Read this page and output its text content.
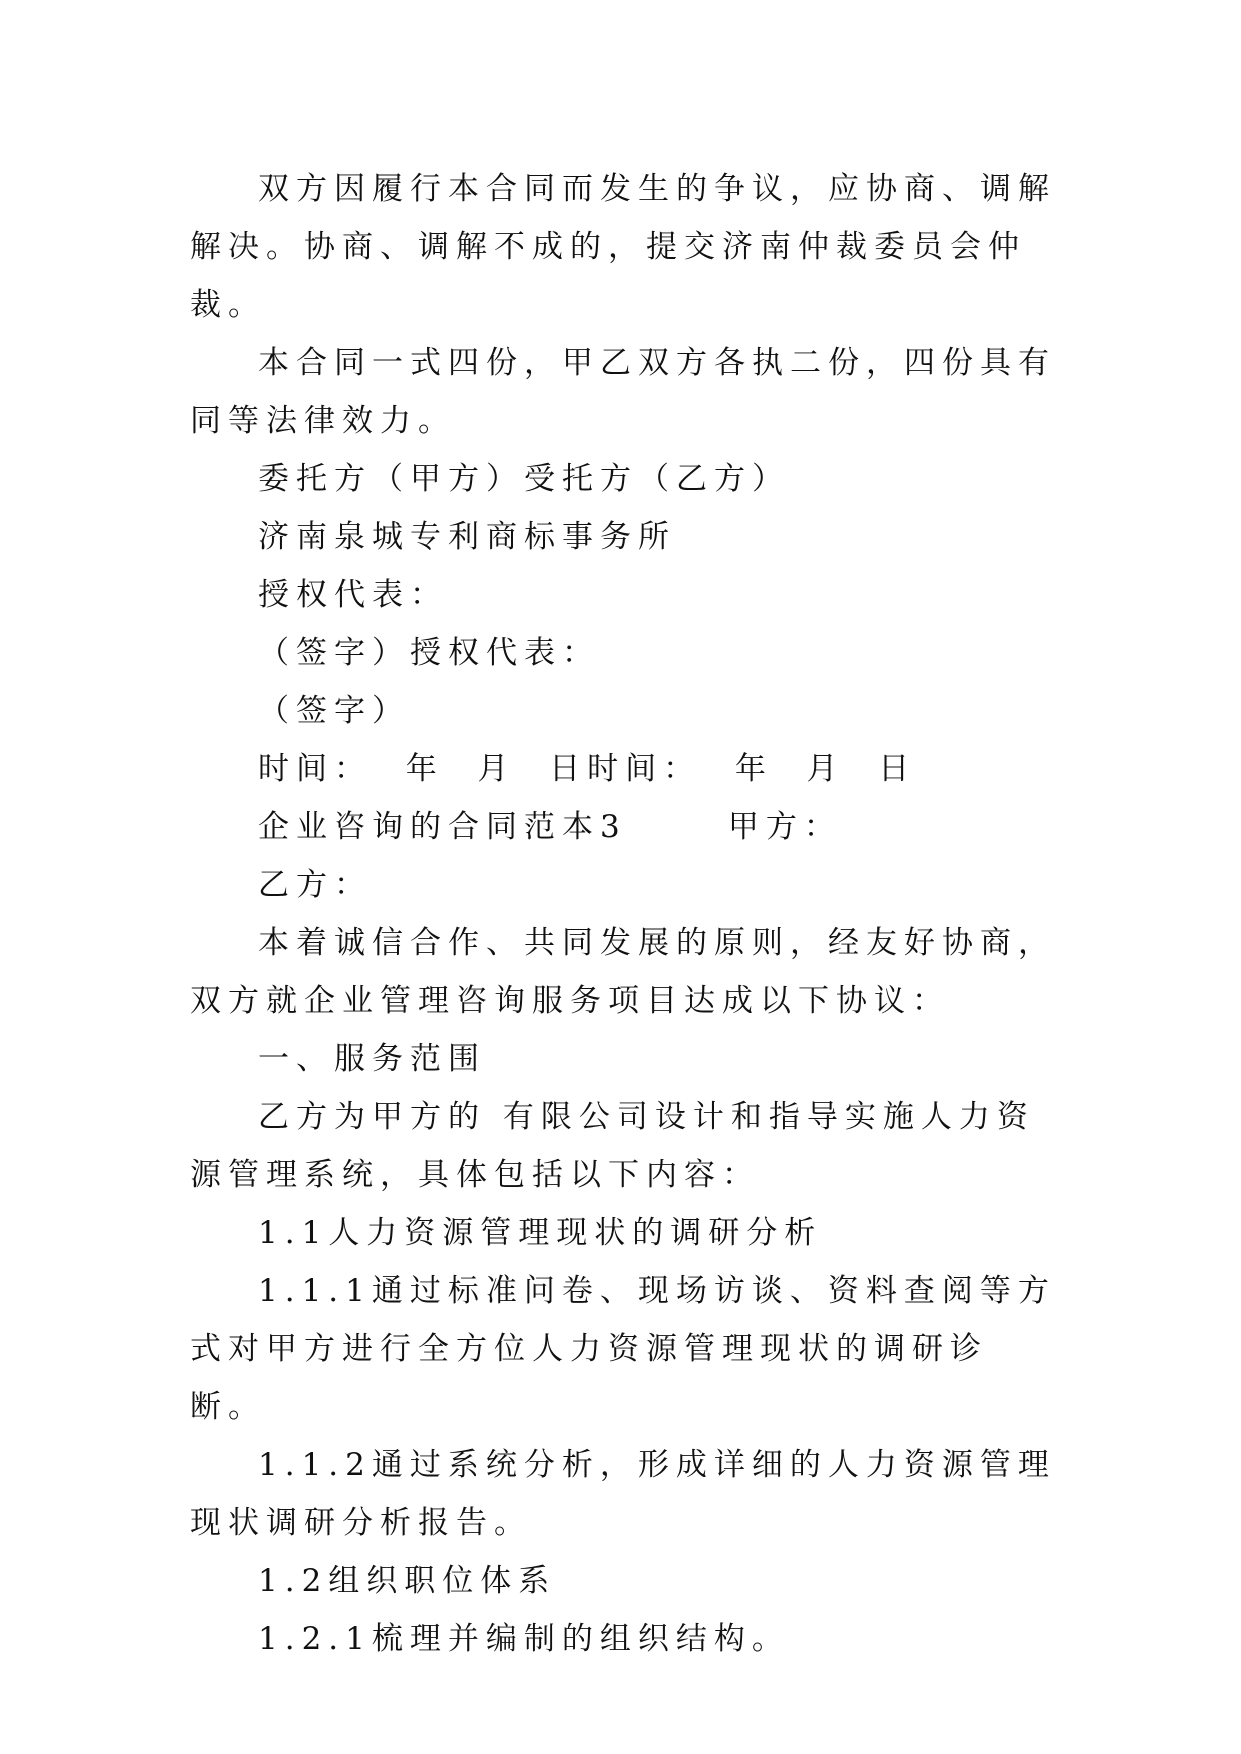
双方因履行本合同而发生的争议，应协商、调解解决。协商、调解不成的，提交济南仲裁委员会仲裁。

本合同一式四份，甲乙双方各执二份，四份具有同等法律效力。

委托方（甲方）受托方（乙方）

济南泉城专利商标事务所

授权代表：

（签字）授权代表：

（签字）

时间：  年  月  日时间：  年  月  日

企业咨询的合同范本3      甲方：

乙方：

本着诚信合作、共同发展的原则，经友好协商，双方就企业管理咨询服务项目达成以下协议：

一、服务范围

乙方为甲方的 有限公司设计和指导实施人力资源管理系统，具体包括以下内容：

1.1人力资源管理现状的调研分析

1.1.1通过标准问卷、现场访谈、资料查阅等方式对甲方进行全方位人力资源管理现状的调研诊断。

1.1.2通过系统分析，形成详细的人力资源管理现状调研分析报告。

1.2组织职位体系

1.2.1梳理并编制的组织结构。
